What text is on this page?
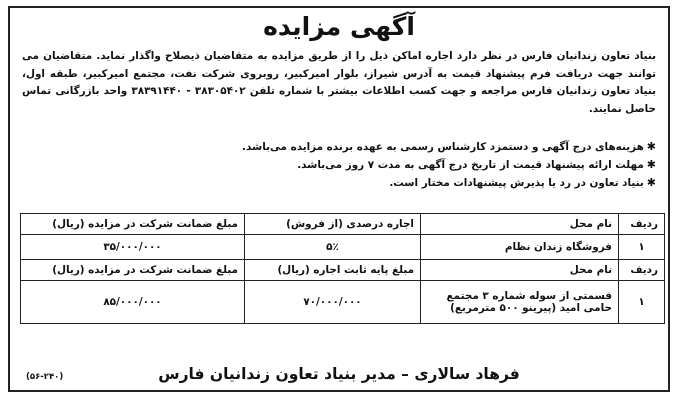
آگهی مزایده

بنیاد تعاون زندانیان فارس در نظر دارد اجاره اماکن ذیل را از طریق مزایده به متقاضیان ذیصلاح واگذار نماید. متقاضیان می توانند جهت دریافت فرم پیشنهاد قیمت به آدرس شیراز، بلوار امیرکبیر، روبروی شرکت نفت، مجتمع امیرکبیر، طبقه اول، بنیاد تعاون زندانیان فارس مراجعه و جهت کسب اطلاعات بیشتر با شماره تلفن ۳۸۳۰۵۴۰۲ - ۳۸۳۹۱۴۴۰ واحد بازرگانی تماس حاصل نمایند.

✱هزینه‌های درج آگهی و دستمزد کارشناس رسمی به عهده برنده مزایده می‌باشد.
✱مهلت ارائه پیشنهاد قیمت از تاریخ درج آگهی به مدت ۷ روز می‌باشد.
✱بنیاد تعاون در رد یا پذیرش پیشنهادات مختار است.
ردیف	نام محل	اجاره درصدی (از فروش)	مبلغ ضمانت شرکت در مزایده (ریال)
۱	فروشگاه زندان نظام	۵٪	۳۵/۰۰۰/۰۰۰
ردیف	نام محل	مبلغ پایه ثابت اجاره (ریال)	مبلغ ضمانت شرکت در مزایده (ریال)
۱	قسمتی از سوله شماره ۳ مجتمع حامی امید (پیرینو ۵۰۰ مترمربع)	۷۰/۰۰۰/۰۰۰	۸۵/۰۰۰/۰۰۰
فرهاد سالاری – مدیر بنیاد تعاون زندانیان فارس
(۵۶-۲۴۰)
